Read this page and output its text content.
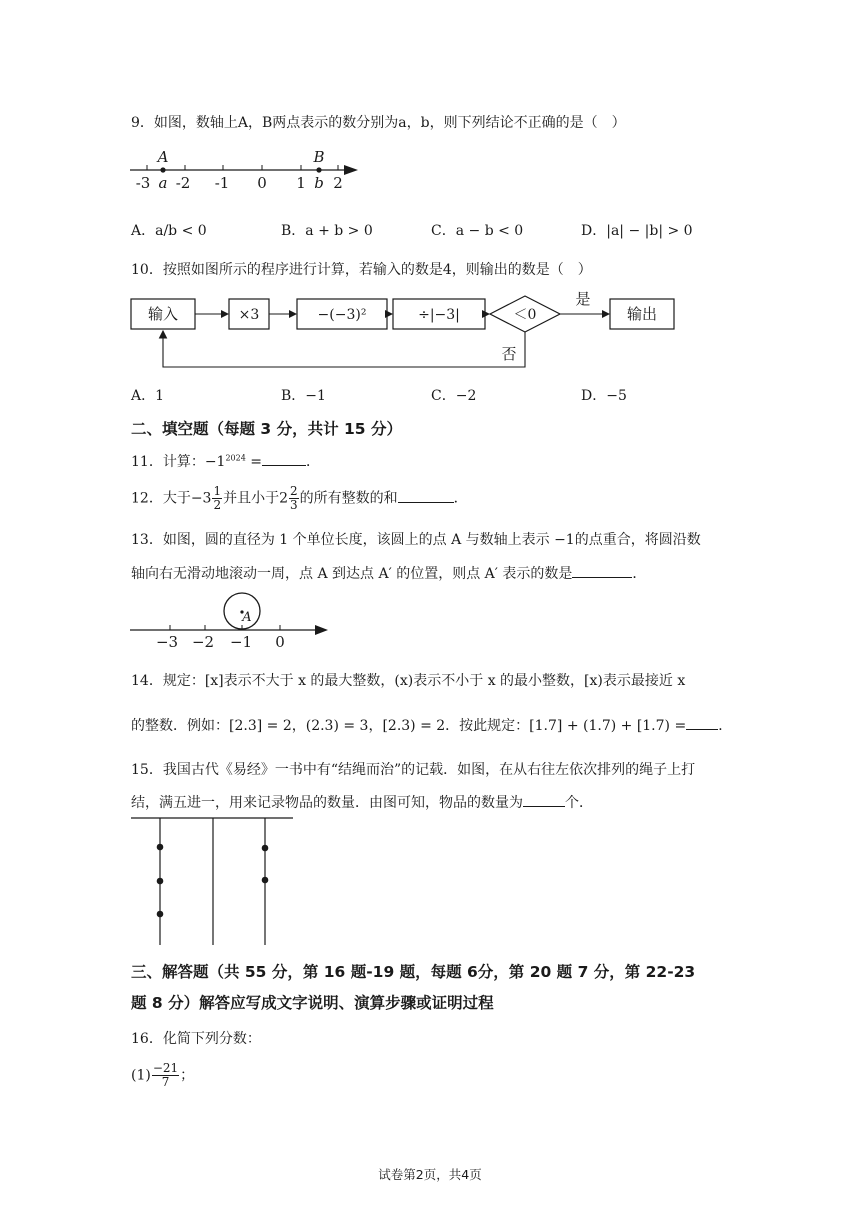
9．如图，数轴上A，B两点表示的数分别为a，b，则下列结论不正确的是（　）
A	B
-3 a -2 -1 0 1 b 2
A．a/b < 0	B．a + b > 0	C．a − b < 0	D．|a| − |b| > 0
10．按照如图所示的程序进行计算，若输入的数是4，则输出的数是（　）
输入	×3	−(−3)²	÷|−3|	＜0
是
输出
否
A．1	B．−1	C．−2	D．−5
二、填空题（每题 3 分，共计 15 分）
11．计算：$-1^{2024}$ =	．
12．大于$-3 \frac{1}{2}$ 并且小于$2 \frac{2}{3}$ 的所有整数的和	．
13．如图，圆的直径为 1 个单位长度，该圆上的点 A 与数轴上表示 −1的点重合，将圆沿数
轴向右无滑动地滚动一周，点 A 到达点 A′ 的位置，则点 A′ 表示的数是	．
A
−3 −2 −1 0
14．规定：[x]表示不大于 x 的最大整数，(x)表示不小于 x 的最小整数，[x)表示最接近 x
的整数．例如：[2.3] = 2，(2.3) = 3，[2.3) = 2．按此规定：[1.7] + (1.7) + [1.7) = ．
15．我国古代《易经》一书中有“结绳而治”的记载．如图，在从右往左依次排列的绳子上打
结，满五进一，用来记录物品的数量．由图可知，物品的数量为	个．
三、解答题（共 55 分，第 16 题-19 题，每题 6分，第 20 题 7 分，第 22-23
题 8 分）解答应写成文字说明、演算步骤或证明过程
16．化简下列分数：
$(1) \frac{-21}{7}$ ；
试卷第2页，共4页
